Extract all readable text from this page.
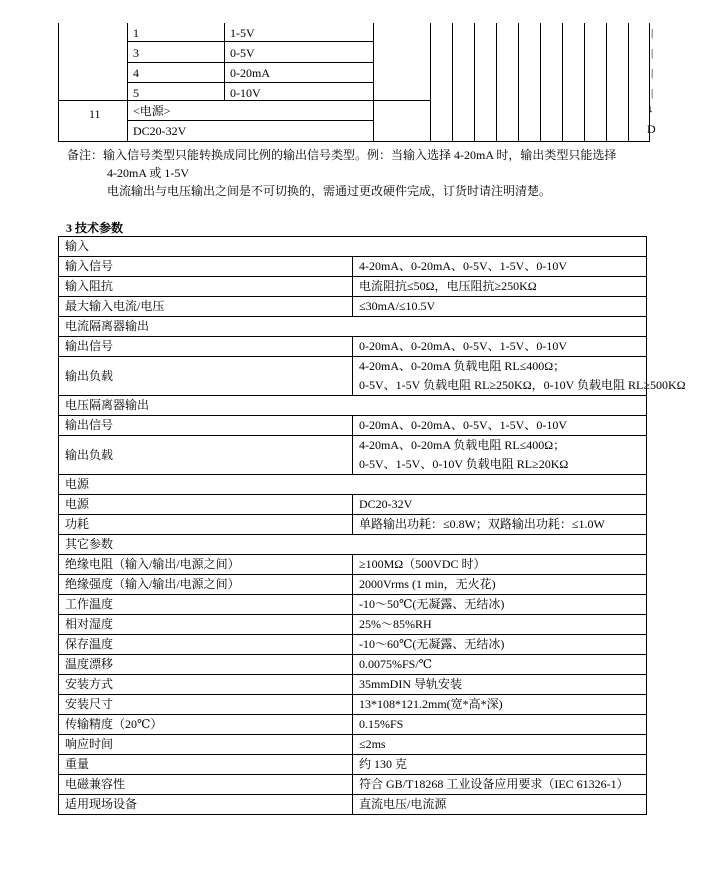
1	1-5V
3	0-5V
4	0-20mA
5	0-10V
11	<电源>
DC20-32V
|
|
|
|
↓
D
备注：输入信号类型只能转换成同比例的输出信号类型。例：当输入选择 4-20mA 时，输出类型只能选择
4-20mA 或 1-5V
电流输出与电压输出之间是不可切换的，需通过更改硬件完成，订货时请注明清楚。
3 技术参数
输入	
输入信号	4-20mA、0-20mA、0-5V、1-5V、0-10V
输入阻抗	电流阻抗≤50Ω，电压阻抗≥250KΩ
最大输入电流/电压	≤30mA/≤10.5V
电流隔离器输出	
输出信号	0-20mA、0-20mA、0-5V、1-5V、0-10V
输出负载	4-20mA、0-20mA 负载电阻 RL≤400Ω；
0-5V、1-5V 负载电阻 RL≥250KΩ，0-10V 负载电阻 RL≥500KΩ

电压隔离器输出	
输出信号	0-20mA、0-20mA、0-5V、1-5V、0-10V
输出负载	4-20mA、0-20mA 负载电阻 RL≤400Ω；
0-5V、1-5V、0-10V 负载电阻 RL≥20KΩ

电源	
电源	DC20-32V
功耗	单路输出功耗：≤0.8W；双路输出功耗：≤1.0W
其它参数	
绝缘电阻（输入/输出/电源之间）	≥100MΩ（500VDC 时）
绝缘强度（输入/输出/电源之间）	2000Vrms (1 min，无火花)
工作温度	-10～50℃(无凝露、无结冰)
相对湿度	25%～85%RH
保存温度	-10～60℃(无凝露、无结冰)
温度漂移	0.0075%FS/℃
安装方式	35mmDIN 导轨安装
安装尺寸	13*108*121.2mm(宽*高*深)
传输精度（20℃）	0.15%FS
响应时间	≤2ms
重量	约 130 克
电磁兼容性	符合 GB/T18268 工业设备应用要求（IEC 61326-1）
适用现场设备	直流电压/电流源
